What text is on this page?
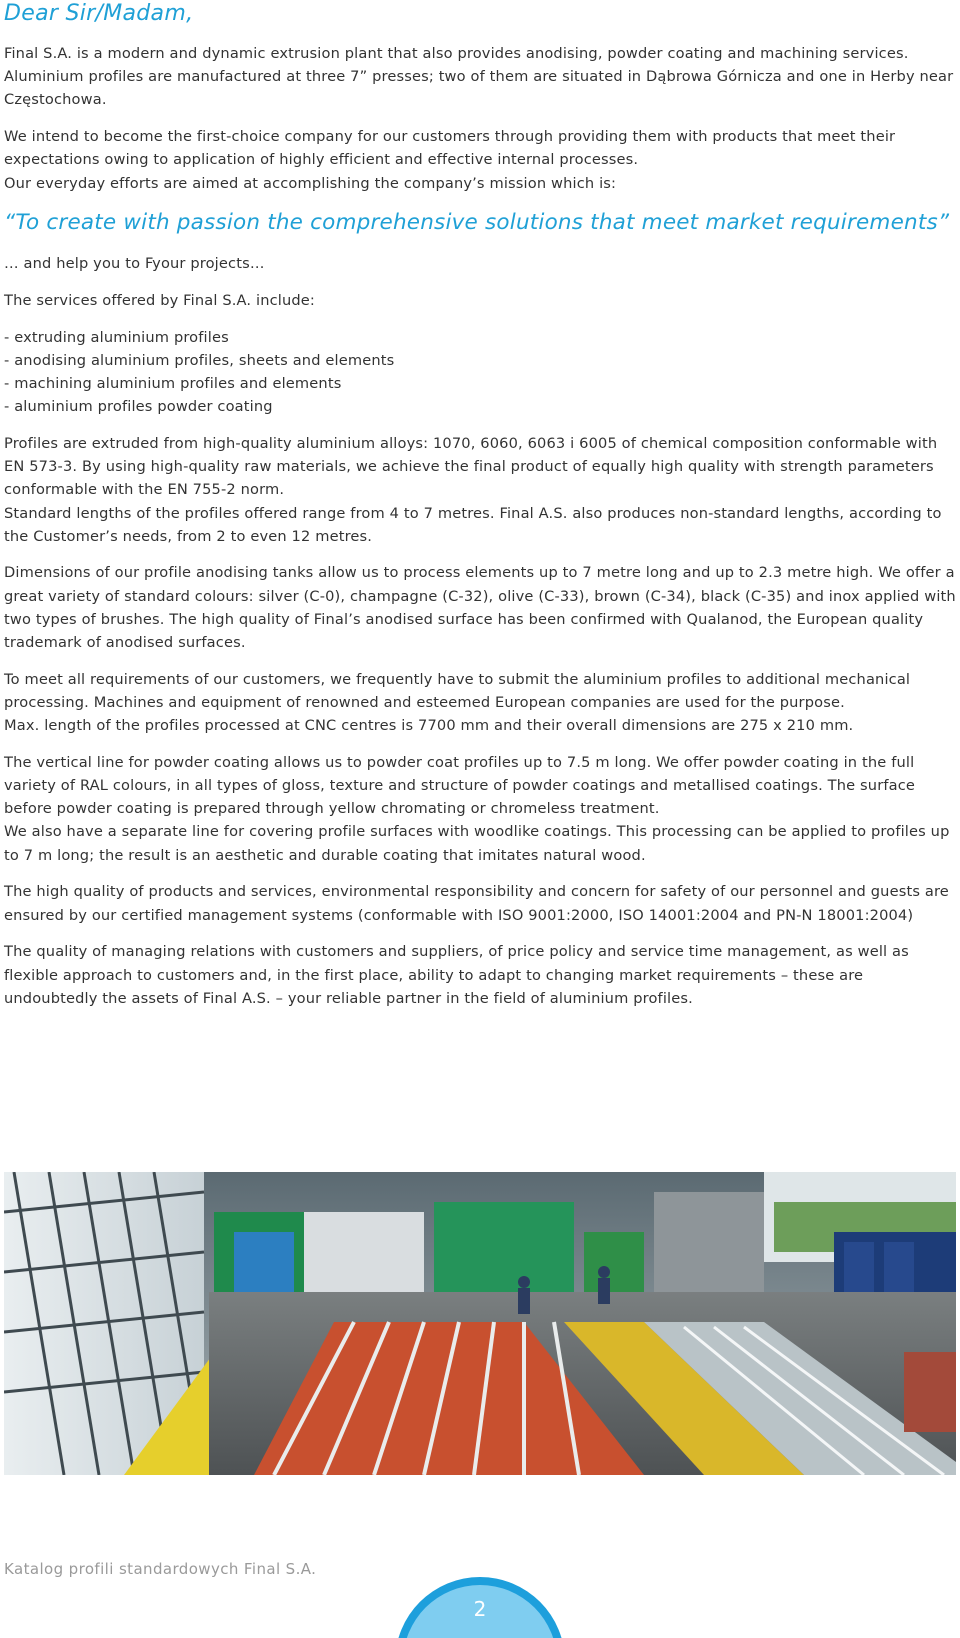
Dear Sir/Madam,

Final S.A. is a modern and dynamic extrusion plant that also provides anodising, powder coating and machining services. Aluminium profiles are manufactured at three 7” presses; two of them are situated in Dąbrowa Górnicza and one in Herby near Częstochowa.

We intend to become the first-choice company for our customers through providing them with products that meet their expectations owing to application of highly efficient and effective internal processes.

Our everyday efforts are aimed at accomplishing the company’s mission which is:

“To create with passion the comprehensive solutions that meet market requirements”

… and help you to Fyour projects…

The services offered by Final S.A. include:

- extruding aluminium profiles
- anodising aluminium profiles, sheets and elements
- machining aluminium profiles and elements
- aluminium profiles powder coating

Profiles are extruded from high-quality aluminium alloys: 1070, 6060, 6063 i 6005 of chemical composition conformable with EN 573-3. By using high-quality raw materials, we achieve the final product of equally high quality with strength parameters conformable with the EN 755-2 norm.

Standard lengths of the profiles offered range from 4 to 7 metres. Final A.S. also produces non-standard lengths, according to the Customer’s needs, from 2 to even 12 metres.

Dimensions of our profile anodising tanks allow us to process elements up to 7 metre long and up to 2.3 metre high. We offer a great variety of standard colours: silver (C-0), champagne (C-32), olive (C-33), brown (C-34), black (C-35) and inox applied with two types of brushes. The high quality of Final’s anodised surface has been confirmed with Qualanod, the European quality trademark of anodised surfaces.

To meet all requirements of our customers, we frequently have to submit the aluminium profiles to additional mechanical processing. Machines and equipment of renowned and esteemed European companies are used for the purpose.

Max. length of the profiles processed at CNC centres is 7700 mm and their overall dimensions are 275 x 210 mm.

The vertical line for powder coating allows us to powder coat profiles up to 7.5 m long. We offer powder coating in the full variety of RAL colours, in all types of gloss, texture and structure of powder coatings and metallised coatings. The surface before powder coating is prepared through yellow chromating or chromeless treatment.

We also have a separate line for covering profile surfaces with woodlike coatings. This processing can be applied to profiles up to 7 m long; the result is an aesthetic and durable coating that imitates natural wood.

The high quality of products and services, environmental responsibility and concern for safety of our personnel and guests are ensured by our certified management systems (conformable with ISO 9001:2000, ISO 14001:2004 and PN-N 18001:2004)

The quality of managing relations with customers and suppliers, of price policy and service time management, as well as flexible approach to customers and, in the first place, ability to adapt to changing market requirements – these are undoubtedly the assets of Final A.S. – your reliable partner in the field of aluminium profiles.

Katalog profili standardowych Final S.A.
2
